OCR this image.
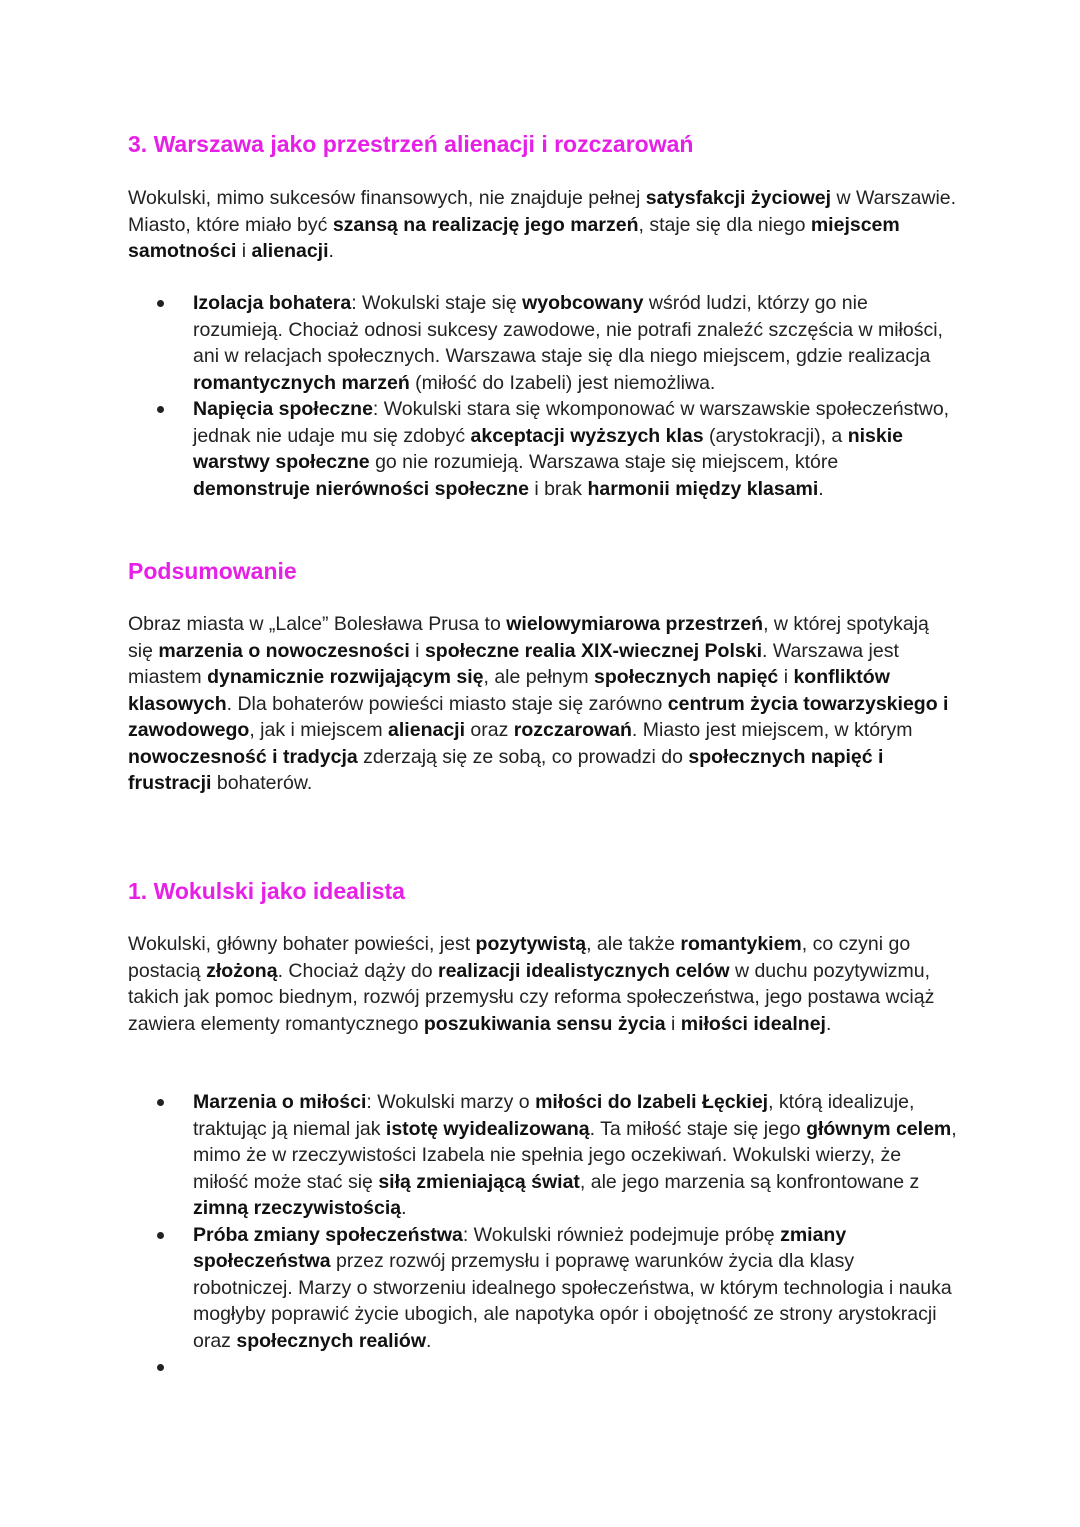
3. Warszawa jako przestrzeń alienacji i rozczarowań

Wokulski, mimo sukcesów finansowych, nie znajduje pełnej satysfakcji życiowej w Warszawie. Miasto, które miało być szansą na realizację jego marzeń, staje się dla niego miejscem samotności i alienacji.

Izolacja bohatera: Wokulski staje się wyobcowany wśród ludzi, którzy go nie rozumieją. Chociaż odnosi sukcesy zawodowe, nie potrafi znaleźć szczęścia w miłości, ani w relacjach społecznych. Warszawa staje się dla niego miejscem, gdzie realizacja romantycznych marzeń (miłość do Izabeli) jest niemożliwa.
Napięcia społeczne: Wokulski stara się wkomponować w warszawskie społeczeństwo, jednak nie udaje mu się zdobyć akceptacji wyższych klas (arystokracji), a niskie warstwy społeczne go nie rozumieją. Warszawa staje się miejscem, które demonstruje nierówności społeczne i brak harmonii między klasami.
Podsumowanie

Obraz miasta w „Lalce” Bolesława Prusa to wielowymiarowa przestrzeń, w której spotykają się marzenia o nowoczesności i społeczne realia XIX-wiecznej Polski. Warszawa jest miastem dynamicznie rozwijającym się, ale pełnym społecznych napięć i konfliktów klasowych. Dla bohaterów powieści miasto staje się zarówno centrum życia towarzyskiego i zawodowego, jak i miejscem alienacji oraz rozczarowań. Miasto jest miejscem, w którym nowoczesność i tradycja zderzają się ze sobą, co prowadzi do społecznych napięć i frustracji bohaterów.

1. Wokulski jako idealista

Wokulski, główny bohater powieści, jest pozytywistą, ale także romantykiem, co czyni go postacią złożoną. Chociaż dąży do realizacji idealistycznych celów w duchu pozytywizmu, takich jak pomoc biednym, rozwój przemysłu czy reforma społeczeństwa, jego postawa wciąż zawiera elementy romantycznego poszukiwania sensu życia i miłości idealnej.

Marzenia o miłości: Wokulski marzy o miłości do Izabeli Łęckiej, którą idealizuje, traktując ją niemal jak istotę wyidealizowaną. Ta miłość staje się jego głównym celem, mimo że w rzeczywistości Izabela nie spełnia jego oczekiwań. Wokulski wierzy, że miłość może stać się siłą zmieniającą świat, ale jego marzenia są konfrontowane z zimną rzeczywistością.
Próba zmiany społeczeństwa: Wokulski również podejmuje próbę zmiany społeczeństwa przez rozwój przemysłu i poprawę warunków życia dla klasy robotniczej. Marzy o stworzeniu idealnego społeczeństwa, w którym technologia i nauka mogłyby poprawić życie ubogich, ale napotyka opór i obojętność ze strony arystokracji oraz społecznych realiów.
